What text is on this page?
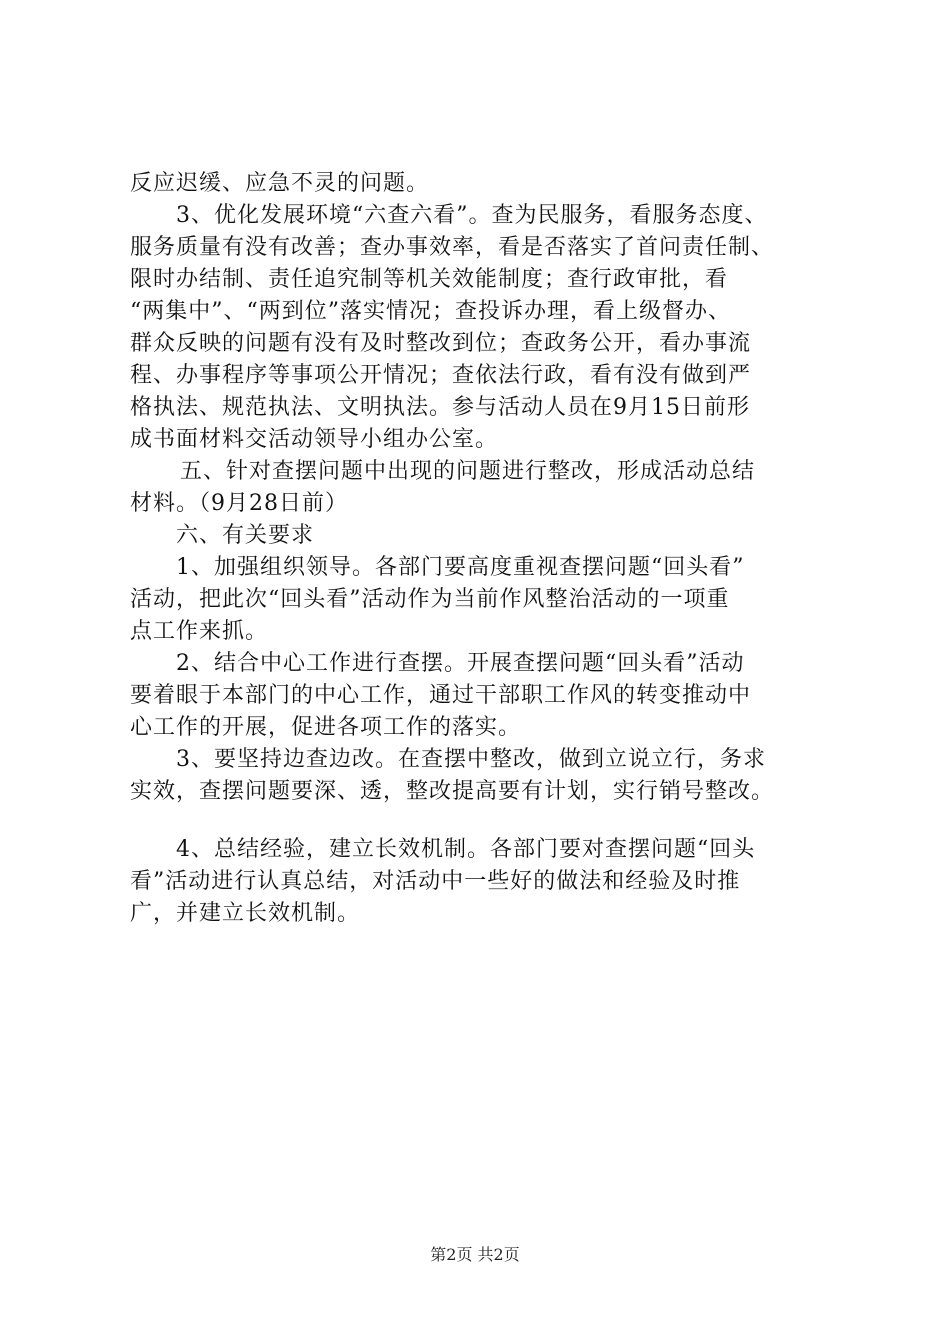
反应迟缓、应急不灵的问题。
3、优化发展环境“六查六看”。查为民服务，看服务态度、
服务质量有没有改善；查办事效率，看是否落实了首问责任制、
限时办结制、责任追究制等机关效能制度；查行政审批，看
“两集中”、“两到位”落实情况；查投诉办理，看上级督办、
群众反映的问题有没有及时整改到位；查政务公开，看办事流
程、办事程序等事项公开情况；查依法行政，看有没有做到严
格执法、规范执法、文明执法。参与活动人员在9月15日前形
成书面材料交活动领导小组办公室。
五、针对查摆问题中出现的问题进行整改，形成活动总结
材料。（9月28日前）
六、有关要求
1、加强组织领导。各部门要高度重视查摆问题“回头看”
活动，把此次“回头看”活动作为当前作风整治活动的一项重
点工作来抓。
2、结合中心工作进行查摆。开展查摆问题“回头看”活动
要着眼于本部门的中心工作，通过干部职工作风的转变推动中
心工作的开展，促进各项工作的落实。
3、要坚持边查边改。在查摆中整改，做到立说立行，务求
实效，查摆问题要深、透，整改提高要有计划，实行销号整改。
4、总结经验，建立长效机制。各部门要对查摆问题“回头
看”活动进行认真总结，对活动中一些好的做法和经验及时推
广，并建立长效机制。
第2页 共2页
